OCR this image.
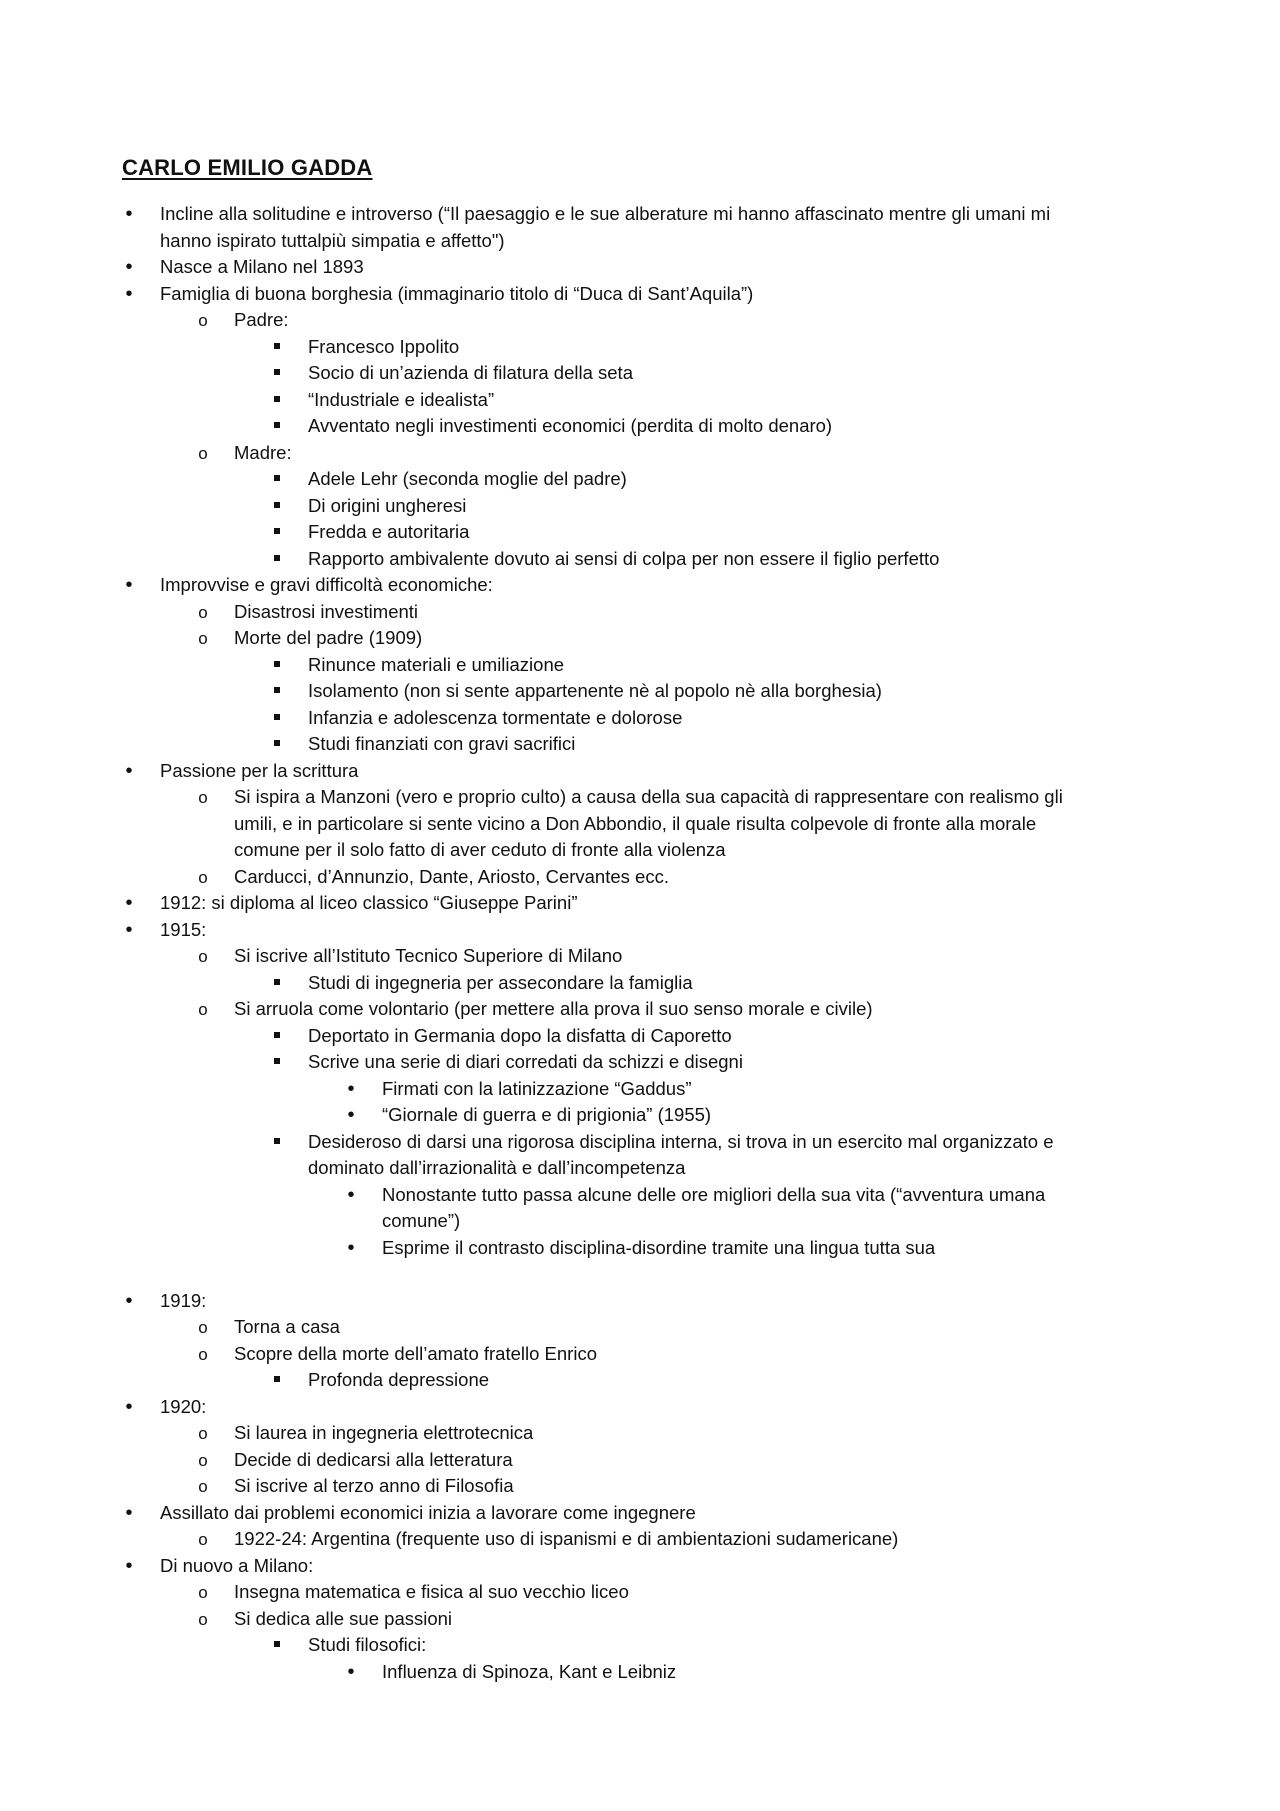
CARLO EMILIO GADDA
•
Incline alla solitudine e introverso (“Il paesaggio e le sue alberature mi hanno affascinato mentre gli umani mi hanno ispirato tuttalpiù simpatia e affetto")
•
Nasce a Milano nel 1893
•
Famiglia di buona borghesia (immaginario titolo di “Duca di Sant’Aquila”)
o
Padre:
Francesco Ippolito
Socio di un’azienda di filatura della seta
“Industriale e idealista”
Avventato negli investimenti economici (perdita di molto denaro)
o
Madre:
Adele Lehr (seconda moglie del padre)
Di origini ungheresi
Fredda e autoritaria
Rapporto ambivalente dovuto ai sensi di colpa per non essere il figlio perfetto
•
Improvvise e gravi difficoltà economiche:
o
Disastrosi investimenti
o
Morte del padre (1909)
Rinunce materiali e umiliazione
Isolamento (non si sente appartenente nè al popolo nè alla borghesia)
Infanzia e adolescenza tormentate e dolorose
Studi finanziati con gravi sacrifici
•
Passione per la scrittura
o
Si ispira a Manzoni (vero e proprio culto) a causa della sua capacità di rappresentare con realismo gli umili, e in particolare si sente vicino a Don Abbondio, il quale risulta colpevole di fronte alla morale comune per il solo fatto di aver ceduto di fronte alla violenza
o
Carducci, d’Annunzio, Dante, Ariosto, Cervantes ecc.
•
1912: si diploma al liceo classico “Giuseppe Parini”
•
1915:
o
Si iscrive all’Istituto Tecnico Superiore di Milano
Studi di ingegneria per assecondare la famiglia
o
Si arruola come volontario (per mettere alla prova il suo senso morale e civile)
Deportato in Germania dopo la disfatta di Caporetto
Scrive una serie di diari corredati da schizzi e disegni
•
Firmati con la latinizzazione “Gaddus”
•
“Giornale di guerra e di prigionia” (1955)
Desideroso di darsi una rigorosa disciplina interna, si trova in un esercito mal organizzato e dominato dall’irrazionalità e dall’incompetenza
•
Nonostante tutto passa alcune delle ore migliori della sua vita (“avventura umana comune”)
•
Esprime il contrasto disciplina-disordine tramite una lingua tutta sua
•
1919:
o
Torna a casa
o
Scopre della morte dell’amato fratello Enrico
Profonda depressione
•
1920:
o
Si laurea in ingegneria elettrotecnica
o
Decide di dedicarsi alla letteratura
o
Si iscrive al terzo anno di Filosofia
•
Assillato dai problemi economici inizia a lavorare come ingegnere
o
1922-24: Argentina (frequente uso di ispanismi e di ambientazioni sudamericane)
•
Di nuovo a Milano:
o
Insegna matematica e fisica al suo vecchio liceo
o
Si dedica alle sue passioni
Studi filosofici:
•
Influenza di Spinoza, Kant e Leibniz
